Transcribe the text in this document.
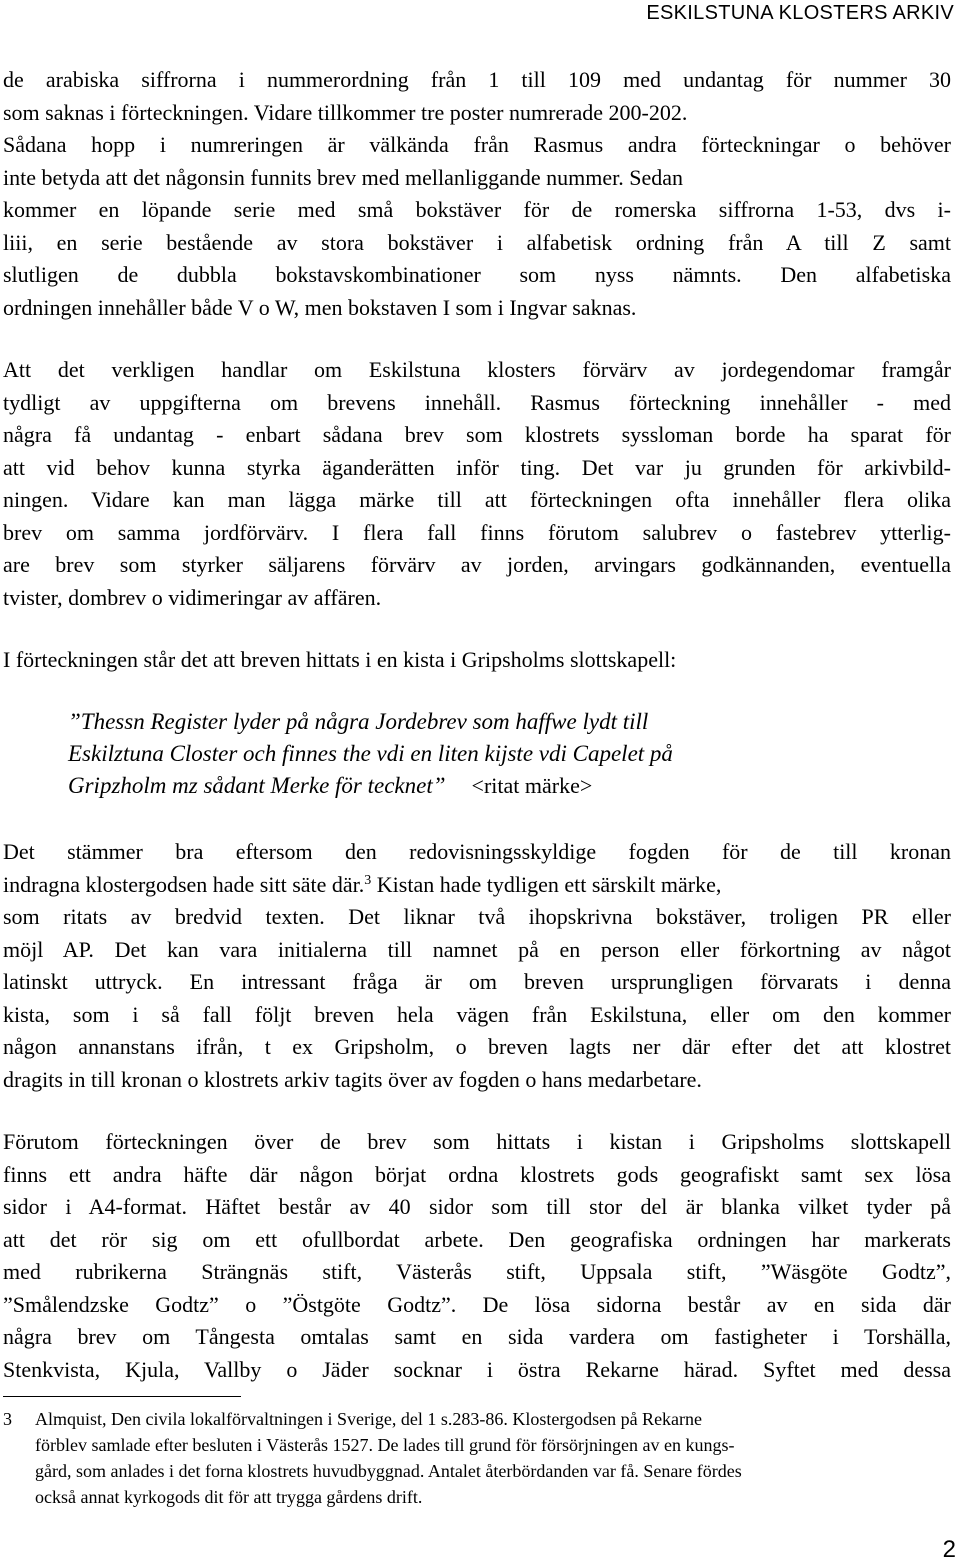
ESKILSTUNA KLOSTERS ARKIV
de arabiska siffrorna i nummerordning från 1 till 109 med undantag för nummer 30
som saknas i förteckningen. Vidare tillkommer tre poster numrerade 200-202.
Sådana hopp i numreringen är välkända från Rasmus andra förteckningar o behöver
inte betyda att det någonsin funnits brev med mellanliggande nummer. Sedan
kommer en löpande serie med små bokstäver för de romerska siffrorna 1-53, dvs i-
liii, en serie bestående av stora bokstäver i alfabetisk ordning från A till Z samt
slutligen de dubbla bokstavskombinationer som nyss nämnts. Den alfabetiska
ordningen innehåller både V o W, men bokstaven I som i Ingvar saknas.
Att det verkligen handlar om Eskilstuna klosters förvärv av jordegendomar framgår
tydligt av uppgifterna om brevens innehåll. Rasmus förteckning innehåller - med
några få undantag - enbart sådana brev som klostrets syssloman borde ha sparat för
att vid behov kunna styrka äganderätten inför ting. Det var ju grunden för arkivbild-
ningen. Vidare kan man lägga märke till att förteckningen ofta innehåller flera olika
brev om samma jordförvärv. I flera fall finns förutom salubrev o fastebrev ytterlig-
are brev som styrker säljarens förvärv av jorden, arvingars godkännanden, eventuella
tvister, dombrev o vidimeringar av affären.
I förteckningen står det att breven hittats i en kista i Gripsholms slottskapell:
”Thessn Register lyder på några Jordebrev som haffwe lydt till
Eskilztuna Closter och finnes the vdi en liten kijste vdi Capelet på
Gripzholm mz sådant Merke för tecknet” <ritat märke>
Det stämmer bra eftersom den redovisningsskyldige fogden för de till kronan
indragna klostergodsen hade sitt säte där.$^3$ Kistan hade tydligen ett särskilt märke,
som ritats av bredvid texten. Det liknar två ihopskrivna bokstäver, troligen PR eller
möjl AP. Det kan vara initialerna till namnet på en person eller förkortning av något
latinskt uttryck. En intressant fråga är om breven ursprungligen förvarats i denna
kista, som i så fall följt breven hela vägen från Eskilstuna, eller om den kommer
någon annanstans ifrån, t ex Gripsholm, o breven lagts ner där efter det att klostret
dragits in till kronan o klostrets arkiv tagits över av fogden o hans medarbetare.
Förutom förteckningen över de brev som hittats i kistan i Gripsholms slottskapell
finns ett andra häfte där någon börjat ordna klostrets gods geografiskt samt sex lösa
sidor i A4-format. Häftet består av 40 sidor som till stor del är blanka vilket tyder på
att det rör sig om ett ofullbordat arbete. Den geografiska ordningen har markerats
med rubrikerna Strängnäs stift, Västerås stift, Uppsala stift, ”Wäsgöte Godtz”,
”Smålendzske Godtz” o ”Östgöte Godtz”. De lösa sidorna består av en sida där
några brev om Tångesta omtalas samt en sida vardera om fastigheter i Torshälla,
Stenkvista, Kjula, Vallby o Jäder socknar i östra Rekarne härad. Syftet med dessa
3 Almquist, Den civila lokalförvaltningen i Sverige, del 1 s.283-86. Klostergodsen på Rekarne
förblev samlade efter besluten i Västerås 1527. De lades till grund för försörjningen av en kungs-
gård, som anlades i det forna klostrets huvudbyggnad. Antalet återbördanden var få. Senare fördes
också annat kyrkogods dit för att trygga gårdens drift.
2
